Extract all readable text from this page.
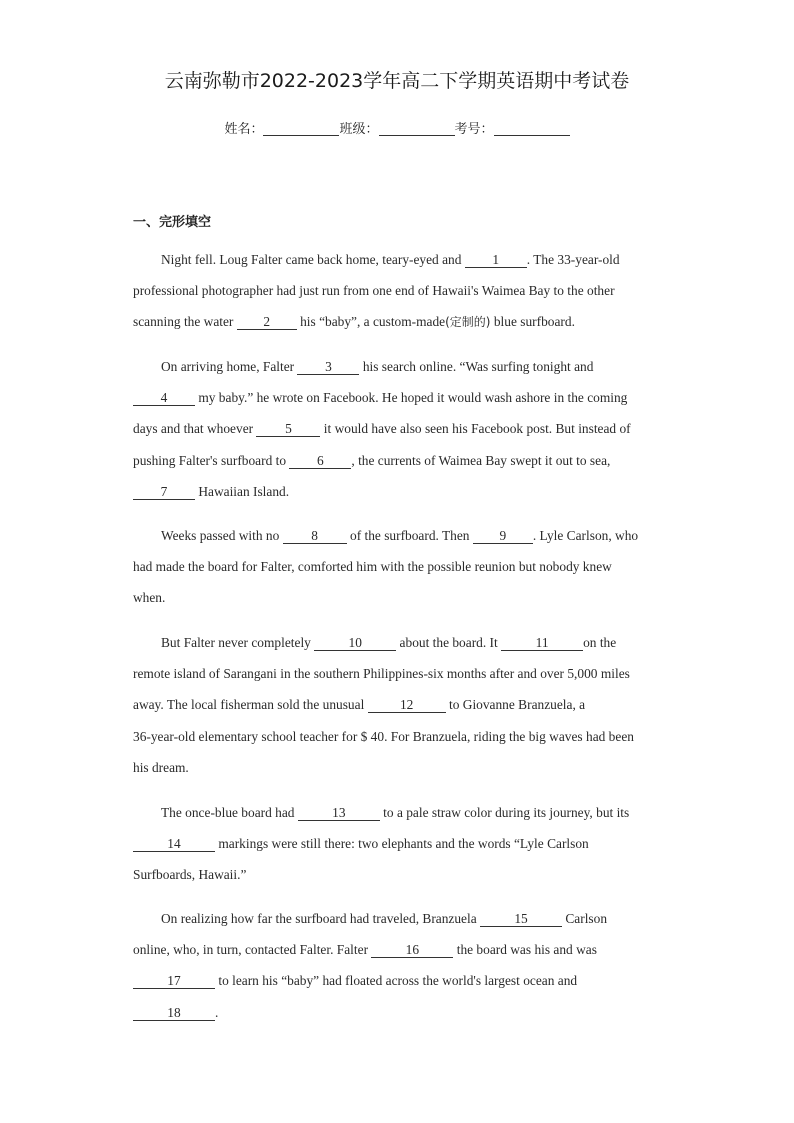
云南弥勒市2022-2023学年高二下学期英语期中考试卷
姓名：	班级：	考号：
一、完形填空
Night fell. Loug Falter came back home, teary-eyed and 1 . The 33-year-old
professional photographer had just run from one end of Hawaii's Waimea Bay to the other
scanning the water 2 his “baby”, a custom-made(定制的) blue surfboard.
On arriving home, Falter 3 his search online. “Was surfing tonight and
4 my baby.” he wrote on Facebook. He hoped it would wash ashore in the coming
days and that whoever 5 it would have also seen his Facebook post. But instead of
pushing Falter's surfboard to 6 , the currents of Waimea Bay swept it out to sea,
7 Hawaiian Island.
Weeks passed with no 8 of the surfboard. Then 9 . Lyle Carlson, who
had made the board for Falter, comforted him with the possible reunion but nobody knew
when.
But Falter never completely	10	about the board. It	11	on the
remote island of Sarangani in the southern Philippines-six months after and over 5,000 miles
away. The local fisherman sold the unusual 12 to Giovanne Branzuela, a
36-year-old elementary school teacher for $ 40. For Branzuela, riding the big waves had been
his dream.
The once-blue board had	13	to a pale straw color during its journey, but its
14	markings were still there: two elephants and the words “Lyle Carlson
Surfboards, Hawaii.”
On realizing how far the surfboard had traveled, Branzuela	15	Carlson
online, who, in turn, contacted Falter. Falter	16	the board was his and was
17	to learn his “baby” had floated across the world's largest ocean and
18	.
